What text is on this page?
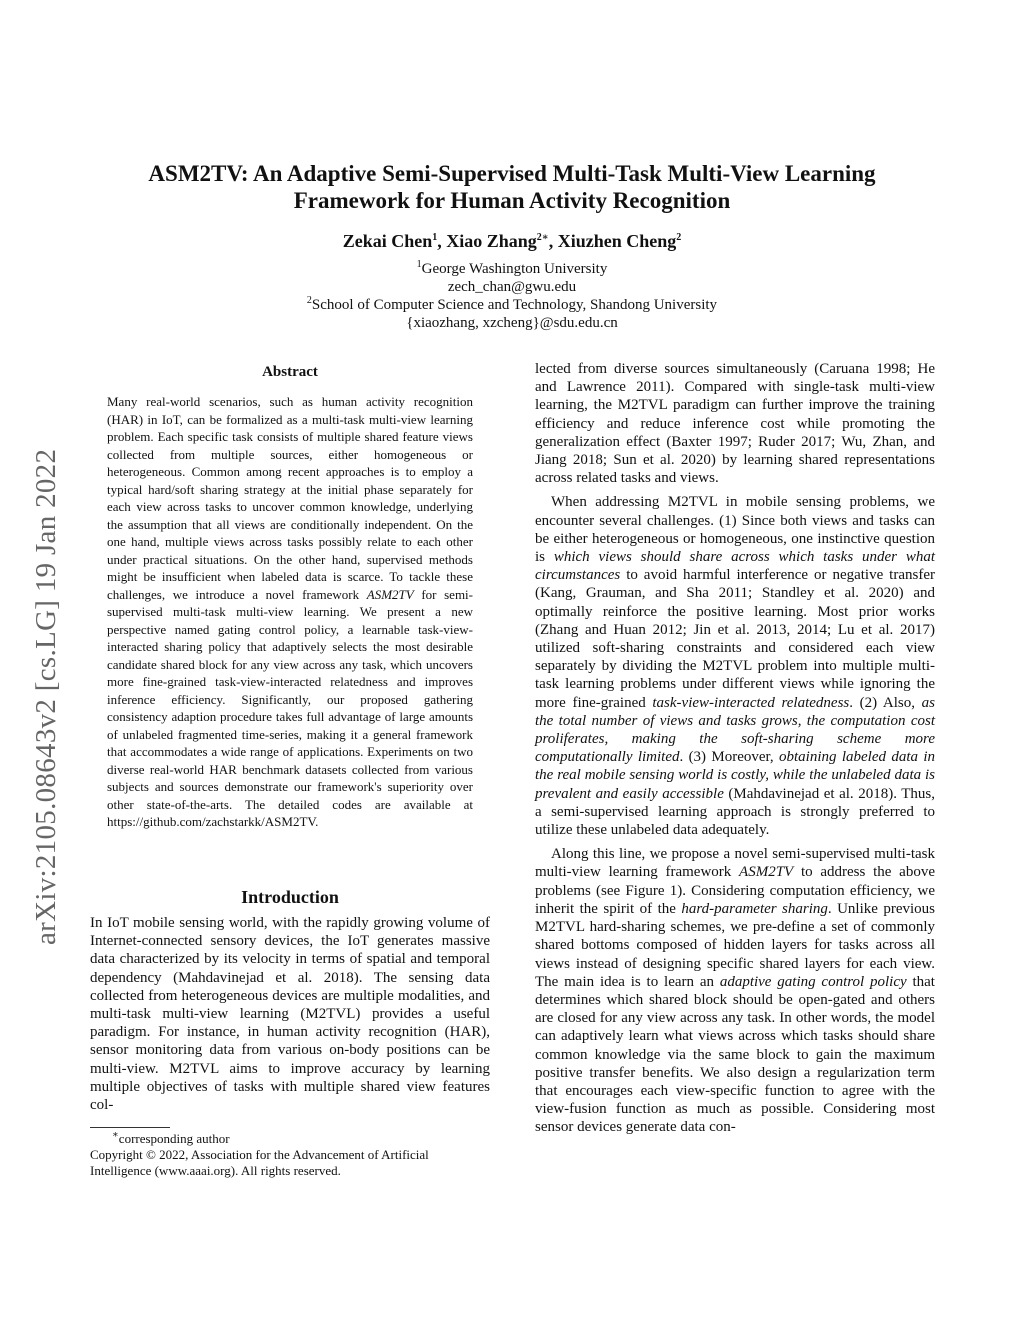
arXiv:2105.08643v2 [cs.LG] 19 Jan 2022
ASM2TV: An Adaptive Semi-Supervised Multi-Task Multi-View Learning
Framework for Human Activity Recognition
Zekai Chen$^1$, Xiao Zhang$^{2∗}$, Xiuzhen Cheng$^2$
$^1$George Washington University
zech_chan@gwu.edu
$^2$School of Computer Science and Technology, Shandong University
{xiaozhang, xzcheng}@sdu.edu.cn
Abstract
Many real-world scenarios, such as human activity recognition (HAR) in IoT, can be formalized as a multi-task multi-view learning problem. Each specific task consists of multiple shared feature views collected from multiple sources, either homogeneous or heterogeneous. Common among recent approaches is to employ a typical hard/soft sharing strategy at the initial phase separately for each view across tasks to uncover common knowledge, underlying the assumption that all views are conditionally independent. On the one hand, multiple views across tasks possibly relate to each other under practical situations. On the other hand, supervised methods might be insufficient when labeled data is scarce. To tackle these challenges, we introduce a novel framework ASM2TV for semi-supervised multi-task multi-view learning. We present a new perspective named gating control policy, a learnable task-view-interacted sharing policy that adaptively selects the most desirable candidate shared block for any view across any task, which uncovers more fine-grained task-view-interacted relatedness and improves inference efficiency. Significantly, our proposed gathering consistency adaption procedure takes full advantage of large amounts of unlabeled fragmented time-series, making it a general framework that accommodates a wide range of applications. Experiments on two diverse real-world HAR benchmark datasets collected from various subjects and sources demonstrate our framework's superiority over other state-of-the-arts. The detailed codes are available at https://github.com/zachstarkk/ASM2TV.
Introduction

In IoT mobile sensing world, with the rapidly growing volume of Internet-connected sensory devices, the IoT generates massive data characterized by its velocity in terms of spatial and temporal dependency (Mahdavinejad et al. 2018). The sensing data collected from heterogeneous devices are multiple modalities, and multi-task multi-view learning (M2TVL) provides a useful paradigm. For instance, in human activity recognition (HAR), sensor monitoring data from various on-body positions can be multi-view. M2TVL aims to improve accuracy by learning multiple objectives of tasks with multiple shared view features col-

∗corresponding author
Copyright © 2022, Association for the Advancement of Artificial Intelligence (www.aaai.org). All rights reserved.

lected from diverse sources simultaneously (Caruana 1998; He and Lawrence 2011). Compared with single-task multi-view learning, the M2TVL paradigm can further improve the training efficiency and reduce inference cost while promoting the generalization effect (Baxter 1997; Ruder 2017; Wu, Zhan, and Jiang 2018; Sun et al. 2020) by learning shared representations across related tasks and views.

When addressing M2TVL in mobile sensing problems, we encounter several challenges. (1) Since both views and tasks can be either heterogeneous or homogeneous, one instinctive question is which views should share across which tasks under what circumstances to avoid harmful interference or negative transfer (Kang, Grauman, and Sha 2011; Standley et al. 2020) and optimally reinforce the positive learning. Most prior works (Zhang and Huan 2012; Jin et al. 2013, 2014; Lu et al. 2017) utilized soft-sharing constraints and considered each view separately by dividing the M2TVL problem into multiple multi-task learning problems under different views while ignoring the more fine-grained task-view-interacted relatedness. (2) Also, as the total number of views and tasks grows, the computation cost proliferates, making the soft-sharing scheme more computationally limited. (3) Moreover, obtaining labeled data in the real mobile sensing world is costly, while the unlabeled data is prevalent and easily accessible (Mahdavinejad et al. 2018). Thus, a semi-supervised learning approach is strongly preferred to utilize these unlabeled data adequately.

Along this line, we propose a novel semi-supervised multi-task multi-view learning framework ASM2TV to address the above problems (see Figure 1). Considering computation efficiency, we inherit the spirit of the hard-parameter sharing. Unlike previous M2TVL hard-sharing schemes, we pre-define a set of commonly shared bottoms composed of hidden layers for tasks across all views instead of designing specific shared layers for each view. The main idea is to learn an adaptive gating control policy that determines which shared block should be open-gated and others are closed for any view across any task. In other words, the model can adaptively learn what views across which tasks should share common knowledge via the same block to gain the maximum positive transfer benefits. We also design a regularization term that encourages each view-specific function to agree with the view-fusion function as much as possible. Considering most sensor devices generate data con-
